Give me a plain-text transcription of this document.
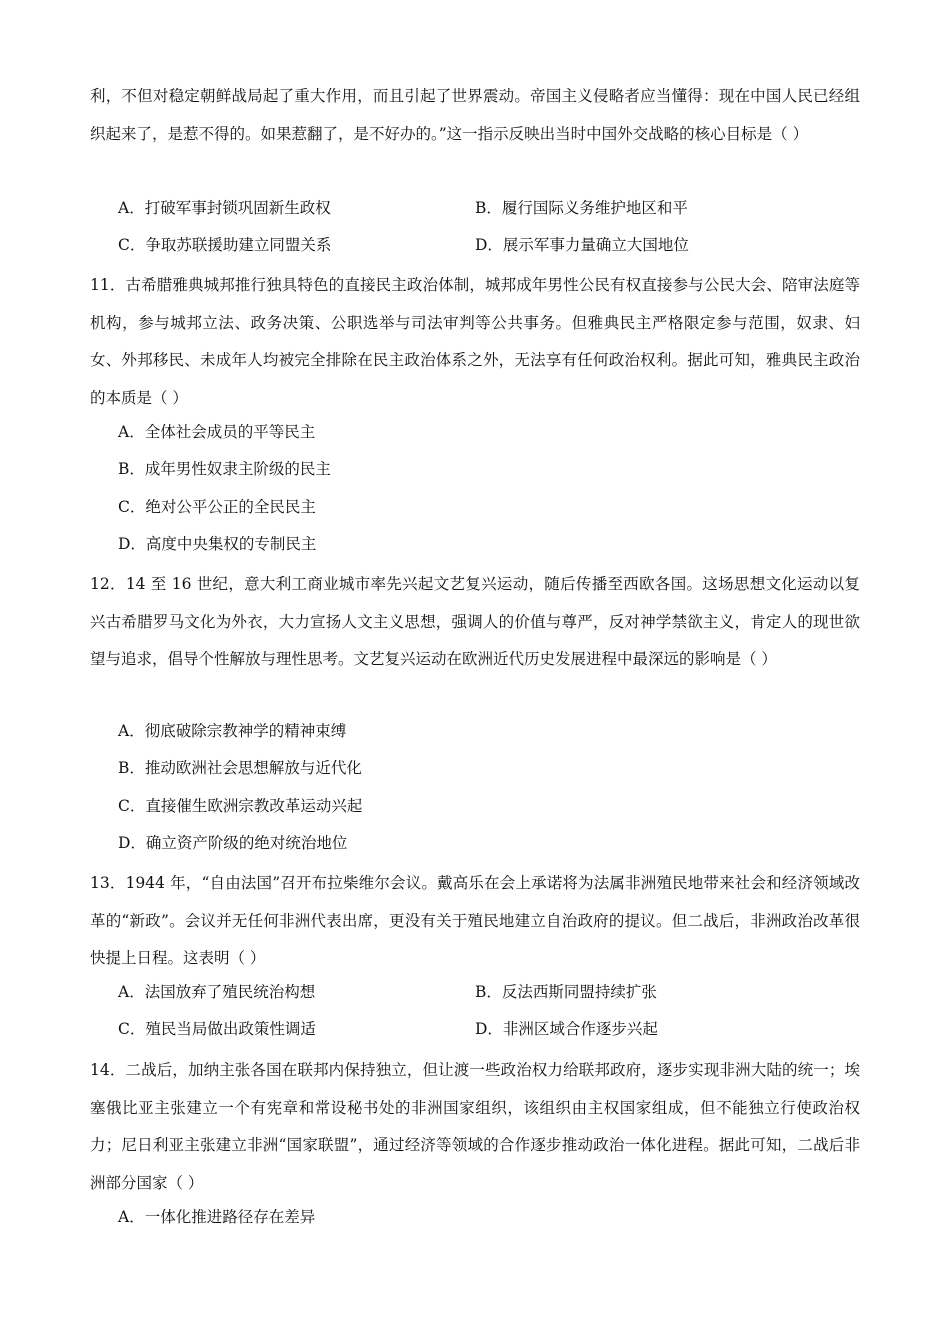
利，不但对稳定朝鲜战局起了重大作用，而且引起了世界震动。帝国主义侵略者应当懂得：现在中国人民已经组织起来了，是惹不得的。如果惹翻了，是不好办的。”这一指示反映出当时中国外交战略的核心目标是（ ）
A．打破军事封锁巩固新生政权	B．履行国际义务维护地区和平
C．争取苏联援助建立同盟关系	D．展示军事力量确立大国地位
11．古希腊雅典城邦推行独具特色的直接民主政治体制，城邦成年男性公民有权直接参与公民大会、陪审法庭等机构，参与城邦立法、政务决策、公职选举与司法审判等公共事务。但雅典民主严格限定参与范围，奴隶、妇女、外邦移民、未成年人均被完全排除在民主政治体系之外，无法享有任何政治权利。据此可知，雅典民主政治的本质是（ ）
A．全体社会成员的平等民主
B．成年男性奴隶主阶级的民主
C．绝对公平公正的全民民主
D．高度中央集权的专制民主
12．14 至 16 世纪，意大利工商业城市率先兴起文艺复兴运动，随后传播至西欧各国。这场思想文化运动以复兴古希腊罗马文化为外衣，大力宣扬人文主义思想，强调人的价值与尊严，反对神学禁欲主义，肯定人的现世欲望与追求，倡导个性解放与理性思考。文艺复兴运动在欧洲近代历史发展进程中最深远的影响是（ ）
A．彻底破除宗教神学的精神束缚
B．推动欧洲社会思想解放与近代化
C．直接催生欧洲宗教改革运动兴起
D．确立资产阶级的绝对统治地位
13．1944 年，“自由法国”召开布拉柴维尔会议。戴高乐在会上承诺将为法属非洲殖民地带来社会和经济领域改革的“新政”。会议并无任何非洲代表出席，更没有关于殖民地建立自治政府的提议。但二战后，非洲政治改革很快提上日程。这表明（ ）
A．法国放弃了殖民统治构想	B．反法西斯同盟持续扩张
C．殖民当局做出政策性调适	D．非洲区域合作逐步兴起
14．二战后，加纳主张各国在联邦内保持独立，但让渡一些政治权力给联邦政府，逐步实现非洲大陆的统一；埃塞俄比亚主张建立一个有宪章和常设秘书处的非洲国家组织，该组织由主权国家组成，但不能独立行使政治权力；尼日利亚主张建立非洲“国家联盟”，通过经济等领域的合作逐步推动政治一体化进程。据此可知，二战后非洲部分国家（ ）
A．一体化推进路径存在差异
